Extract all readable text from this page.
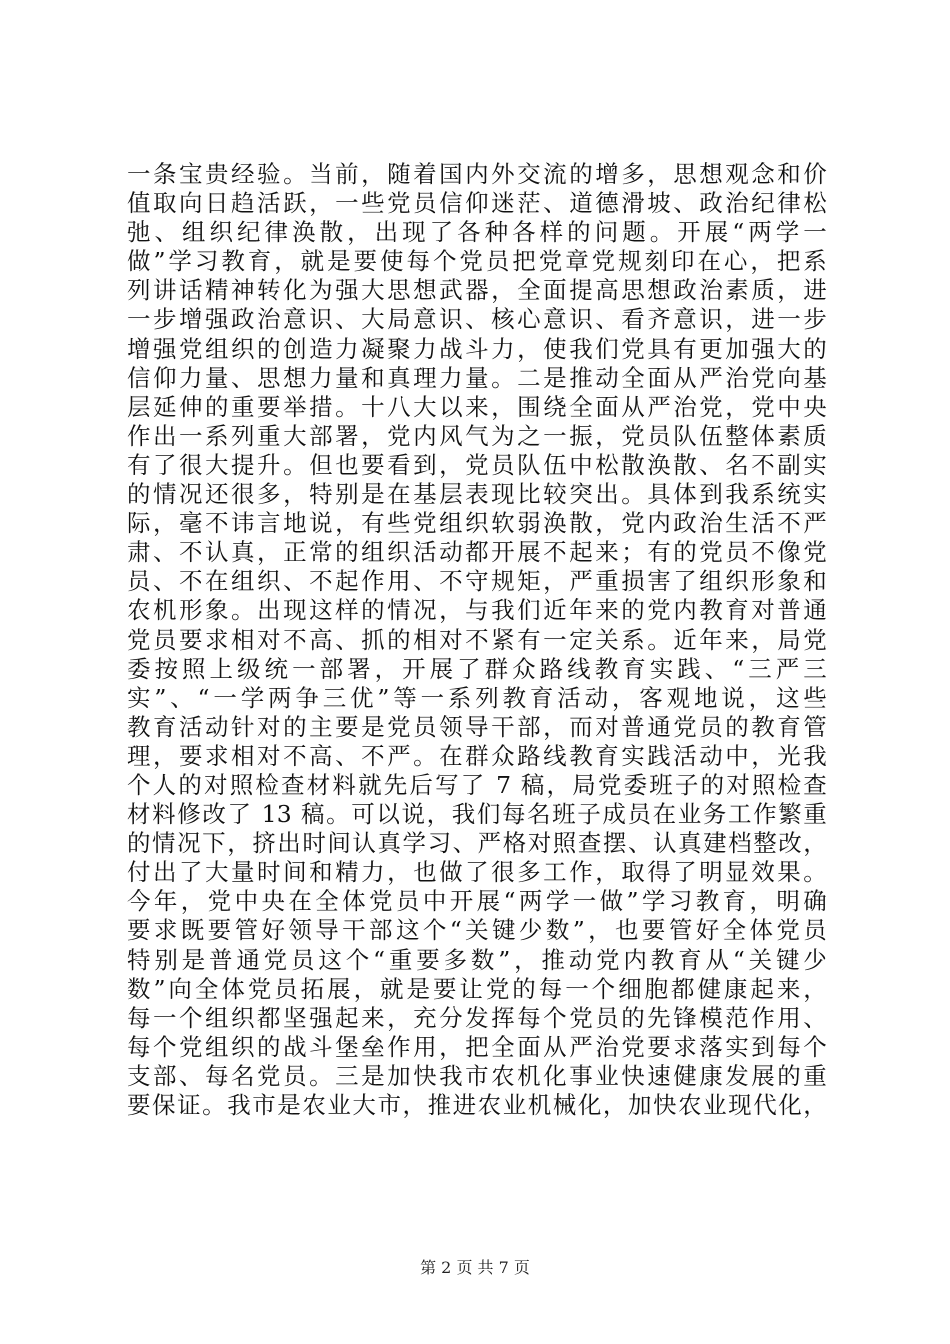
一条宝贵经验。当前，随着国内外交流的增多，思想观念和价
值取向日趋活跃，一些党员信仰迷茫、道德滑坡、政治纪律松
弛、组织纪律涣散，出现了各种各样的问题。开展“两学一
做”学习教育，就是要使每个党员把党章党规刻印在心，把系
列讲话精神转化为强大思想武器，全面提高思想政治素质，进
一步增强政治意识、大局意识、核心意识、看齐意识，进一步
增强党组织的创造力凝聚力战斗力，使我们党具有更加强大的
信仰力量、思想力量和真理力量。二是推动全面从严治党向基
层延伸的重要举措。十八大以来，围绕全面从严治党，党中央
作出一系列重大部署，党内风气为之一振，党员队伍整体素质
有了很大提升。但也要看到，党员队伍中松散涣散、名不副实
的情况还很多，特别是在基层表现比较突出。具体到我系统实
际，毫不讳言地说，有些党组织软弱涣散，党内政治生活不严
肃、不认真，正常的组织活动都开展不起来；有的党员不像党
员、不在组织、不起作用、不守规矩，严重损害了组织形象和
农机形象。出现这样的情况，与我们近年来的党内教育对普通
党员要求相对不高、抓的相对不紧有一定关系。近年来，局党
委按照上级统一部署，开展了群众路线教育实践、“三严三
实”、“一学两争三优”等一系列教育活动，客观地说，这些
教育活动针对的主要是党员领导干部，而对普通党员的教育管
理，要求相对不高、不严。在群众路线教育实践活动中，光我
个人的对照检查材料就先后写了 7 稿，局党委班子的对照检查
材料修改了 13 稿。可以说，我们每名班子成员在业务工作繁重
的情况下，挤出时间认真学习、严格对照查摆、认真建档整改，
付出了大量时间和精力，也做了很多工作，取得了明显效果。
今年，党中央在全体党员中开展“两学一做”学习教育，明确
要求既要管好领导干部这个“关键少数”，也要管好全体党员
特别是普通党员这个“重要多数”，推动党内教育从“关键少
数”向全体党员拓展，就是要让党的每一个细胞都健康起来，
每一个组织都坚强起来，充分发挥每个党员的先锋模范作用、
每个党组织的战斗堡垒作用，把全面从严治党要求落实到每个
支部、每名党员。三是加快我市农机化事业快速健康发展的重
要保证。我市是农业大市，推进农业机械化，加快农业现代化，
第 2 页 共 7 页
